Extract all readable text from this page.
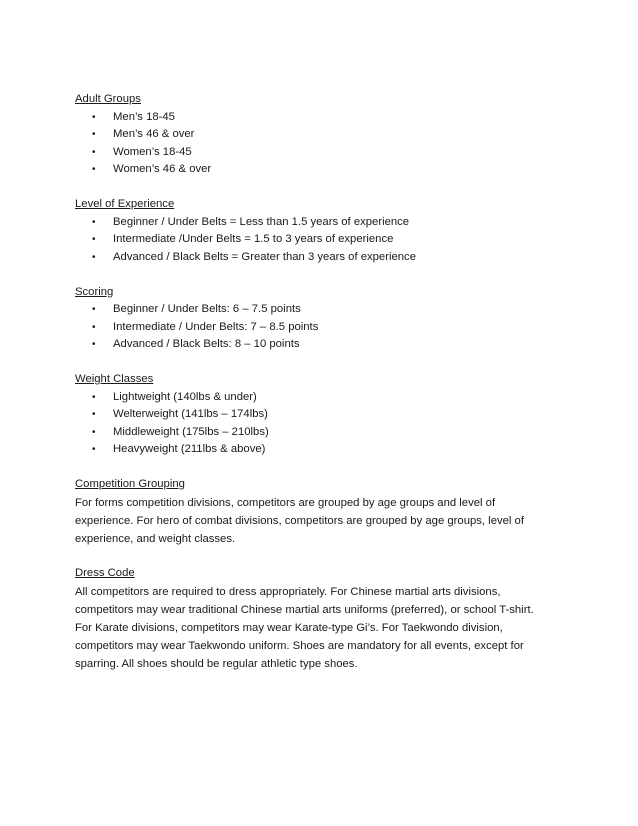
Adult Groups
• Men’s 18-45
• Men’s 46 & over
• Women’s 18-45
• Women’s 46 & over
Level of Experience
• Beginner / Under Belts = Less than 1.5 years of experience
• Intermediate /Under Belts = 1.5 to 3 years of experience
• Advanced / Black Belts = Greater than 3 years of experience
Scoring
• Beginner / Under Belts: 6 – 7.5 points
• Intermediate / Under Belts: 7 – 8.5 points
• Advanced / Black Belts: 8 – 10 points
Weight Classes
• Lightweight (140lbs & under)
• Welterweight (141lbs – 174lbs)
• Middleweight (175lbs – 210lbs)
• Heavyweight (211lbs & above)
Competition Grouping

For forms competition divisions, competitors are grouped by age groups and level of
experience. For hero of combat divisions, competitors are grouped by age groups, level of
experience, and weight classes.

Dress Code

All competitors are required to dress appropriately. For Chinese martial arts divisions,
competitors may wear traditional Chinese martial arts uniforms (preferred), or school T-shirt.
For Karate divisions, competitors may wear Karate-type Gi’s. For Taekwondo division,
competitors may wear Taekwondo uniform. Shoes are mandatory for all events, except for
sparring. All shoes should be regular athletic type shoes.
